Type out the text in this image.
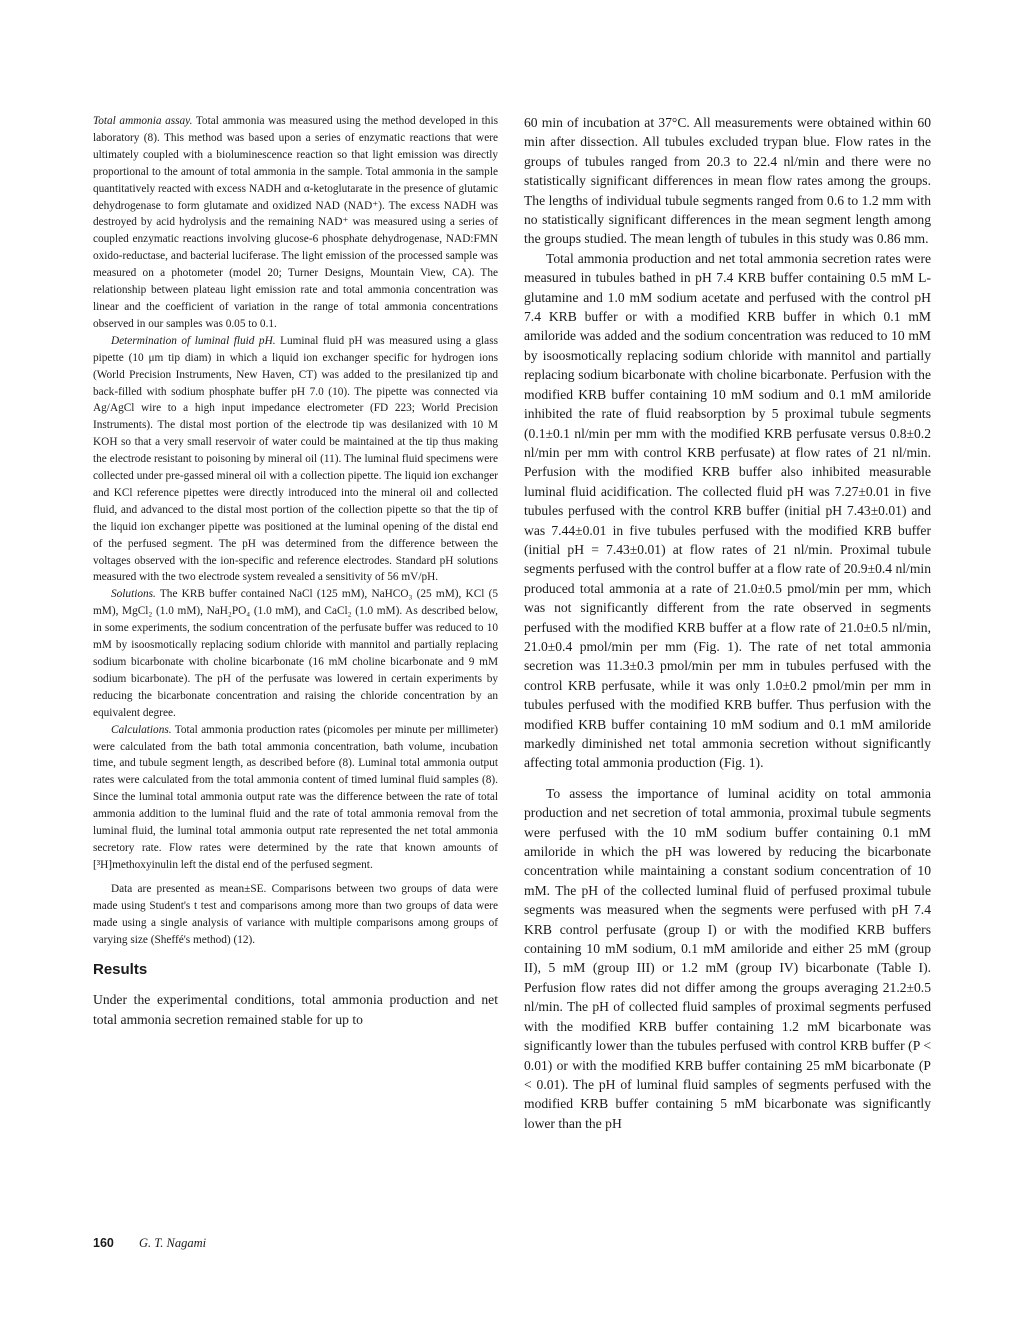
Total ammonia assay. Total ammonia was measured using the method developed in this laboratory (8). This method was based upon a series of enzymatic reactions that were ultimately coupled with a bioluminescence reaction so that light emission was directly proportional to the amount of total ammonia in the sample. Total ammonia in the sample quantitatively reacted with excess NADH and α-ketoglutarate in the presence of glutamic dehydrogenase to form glutamate and oxidized NAD (NAD⁺). The excess NADH was destroyed by acid hydrolysis and the remaining NAD⁺ was measured using a series of coupled enzymatic reactions involving glucose-6 phosphate dehydrogenase, NAD:FMN oxido-reductase, and bacterial luciferase. The light emission of the processed sample was measured on a photometer (model 20; Turner Designs, Mountain View, CA). The relationship between plateau light emission rate and total ammonia concentration was linear and the coefficient of variation in the range of total ammonia concentrations observed in our samples was 0.05 to 0.1.

Determination of luminal fluid pH. Luminal fluid pH was measured using a glass pipette (10 μm tip diam) in which a liquid ion exchanger specific for hydrogen ions (World Precision Instruments, New Haven, CT) was added to the presilanized tip and back-filled with sodium phosphate buffer pH 7.0 (10). The pipette was connected via Ag/AgCl wire to a high input impedance electrometer (FD 223; World Precision Instruments). The distal most portion of the electrode tip was desilanized with 10 M KOH so that a very small reservoir of water could be maintained at the tip thus making the electrode resistant to poisoning by mineral oil (11). The luminal fluid specimens were collected under pre-gassed mineral oil with a collection pipette. The liquid ion exchanger and KCl reference pipettes were directly introduced into the mineral oil and collected fluid, and advanced to the distal most portion of the collection pipette so that the tip of the liquid ion exchanger pipette was positioned at the luminal opening of the distal end of the perfused segment. The pH was determined from the difference between the voltages observed with the ion-specific and reference electrodes. Standard pH solutions measured with the two electrode system revealed a sensitivity of 56 mV/pH.

Solutions. The KRB buffer contained NaCl (125 mM), NaHCO₃ (25 mM), KCl (5 mM), MgCl₂ (1.0 mM), NaH₂PO₄ (1.0 mM), and CaCl₂ (1.0 mM). As described below, in some experiments, the sodium concentration of the perfusate buffer was reduced to 10 mM by isoosmotically replacing sodium chloride with mannitol and partially replacing sodium bicarbonate with choline bicarbonate (16 mM choline bicarbonate and 9 mM sodium bicarbonate). The pH of the perfusate was lowered in certain experiments by reducing the bicarbonate concentration and raising the chloride concentration by an equivalent degree.

Calculations. Total ammonia production rates (picomoles per minute per millimeter) were calculated from the bath total ammonia concentration, bath volume, incubation time, and tubule segment length, as described before (8). Luminal total ammonia output rates were calculated from the total ammonia content of timed luminal fluid samples (8). Since the luminal total ammonia output rate was the difference between the rate of total ammonia addition to the luminal fluid and the rate of total ammonia removal from the luminal fluid, the luminal total ammonia output rate represented the net total ammonia secretory rate. Flow rates were determined by the rate that known amounts of [³H]methoxyinulin left the distal end of the perfused segment.

Data are presented as mean±SE. Comparisons between two groups of data were made using Student's t test and comparisons among more than two groups of data were made using a single analysis of variance with multiple comparisons among groups of varying size (Sheffé's method) (12).

Results

Under the experimental conditions, total ammonia production and net total ammonia secretion remained stable for up to

60 min of incubation at 37°C. All measurements were obtained within 60 min after dissection. All tubules excluded trypan blue. Flow rates in the groups of tubules ranged from 20.3 to 22.4 nl/min and there were no statistically significant differences in mean flow rates among the groups. The lengths of individual tubule segments ranged from 0.6 to 1.2 mm with no statistically significant differences in the mean segment length among the groups studied. The mean length of tubules in this study was 0.86 mm.

Total ammonia production and net total ammonia secretion rates were measured in tubules bathed in pH 7.4 KRB buffer containing 0.5 mM L-glutamine and 1.0 mM sodium acetate and perfused with the control pH 7.4 KRB buffer or with a modified KRB buffer in which 0.1 mM amiloride was added and the sodium concentration was reduced to 10 mM by isoosmotically replacing sodium chloride with mannitol and partially replacing sodium bicarbonate with choline bicarbonate. Perfusion with the modified KRB buffer containing 10 mM sodium and 0.1 mM amiloride inhibited the rate of fluid reabsorption by 5 proximal tubule segments (0.1±0.1 nl/min per mm with the modified KRB perfusate versus 0.8±0.2 nl/min per mm with control KRB perfusate) at flow rates of 21 nl/min. Perfusion with the modified KRB buffer also inhibited measurable luminal fluid acidification. The collected fluid pH was 7.27±0.01 in five tubules perfused with the control KRB buffer (initial pH 7.43±0.01) and was 7.44±0.01 in five tubules perfused with the modified KRB buffer (initial pH = 7.43±0.01) at flow rates of 21 nl/min. Proximal tubule segments perfused with the control buffer at a flow rate of 20.9±0.4 nl/min produced total ammonia at a rate of 21.0±0.5 pmol/min per mm, which was not significantly different from the rate observed in segments perfused with the modified KRB buffer at a flow rate of 21.0±0.5 nl/min, 21.0±0.4 pmol/min per mm (Fig. 1). The rate of net total ammonia secretion was 11.3±0.3 pmol/min per mm in tubules perfused with the control KRB perfusate, while it was only 1.0±0.2 pmol/min per mm in tubules perfused with the modified KRB buffer. Thus perfusion with the modified KRB buffer containing 10 mM sodium and 0.1 mM amiloride markedly diminished net total ammonia secretion without significantly affecting total ammonia production (Fig. 1).

To assess the importance of luminal acidity on total ammonia production and net secretion of total ammonia, proximal tubule segments were perfused with the 10 mM sodium buffer containing 0.1 mM amiloride in which the pH was lowered by reducing the bicarbonate concentration while maintaining a constant sodium concentration of 10 mM. The pH of the collected luminal fluid of perfused proximal tubule segments was measured when the segments were perfused with pH 7.4 KRB control perfusate (group I) or with the modified KRB buffers containing 10 mM sodium, 0.1 mM amiloride and either 25 mM (group II), 5 mM (group III) or 1.2 mM (group IV) bicarbonate (Table I). Perfusion flow rates did not differ among the groups averaging 21.2±0.5 nl/min. The pH of collected fluid samples of proximal segments perfused with the modified KRB buffer containing 1.2 mM bicarbonate was significantly lower than the tubules perfused with control KRB buffer (P < 0.01) or with the modified KRB buffer containing 25 mM bicarbonate (P < 0.01). The pH of luminal fluid samples of segments perfused with the modified KRB buffer containing 5 mM bicarbonate was significantly lower than the pH

160 G. T. Nagami
